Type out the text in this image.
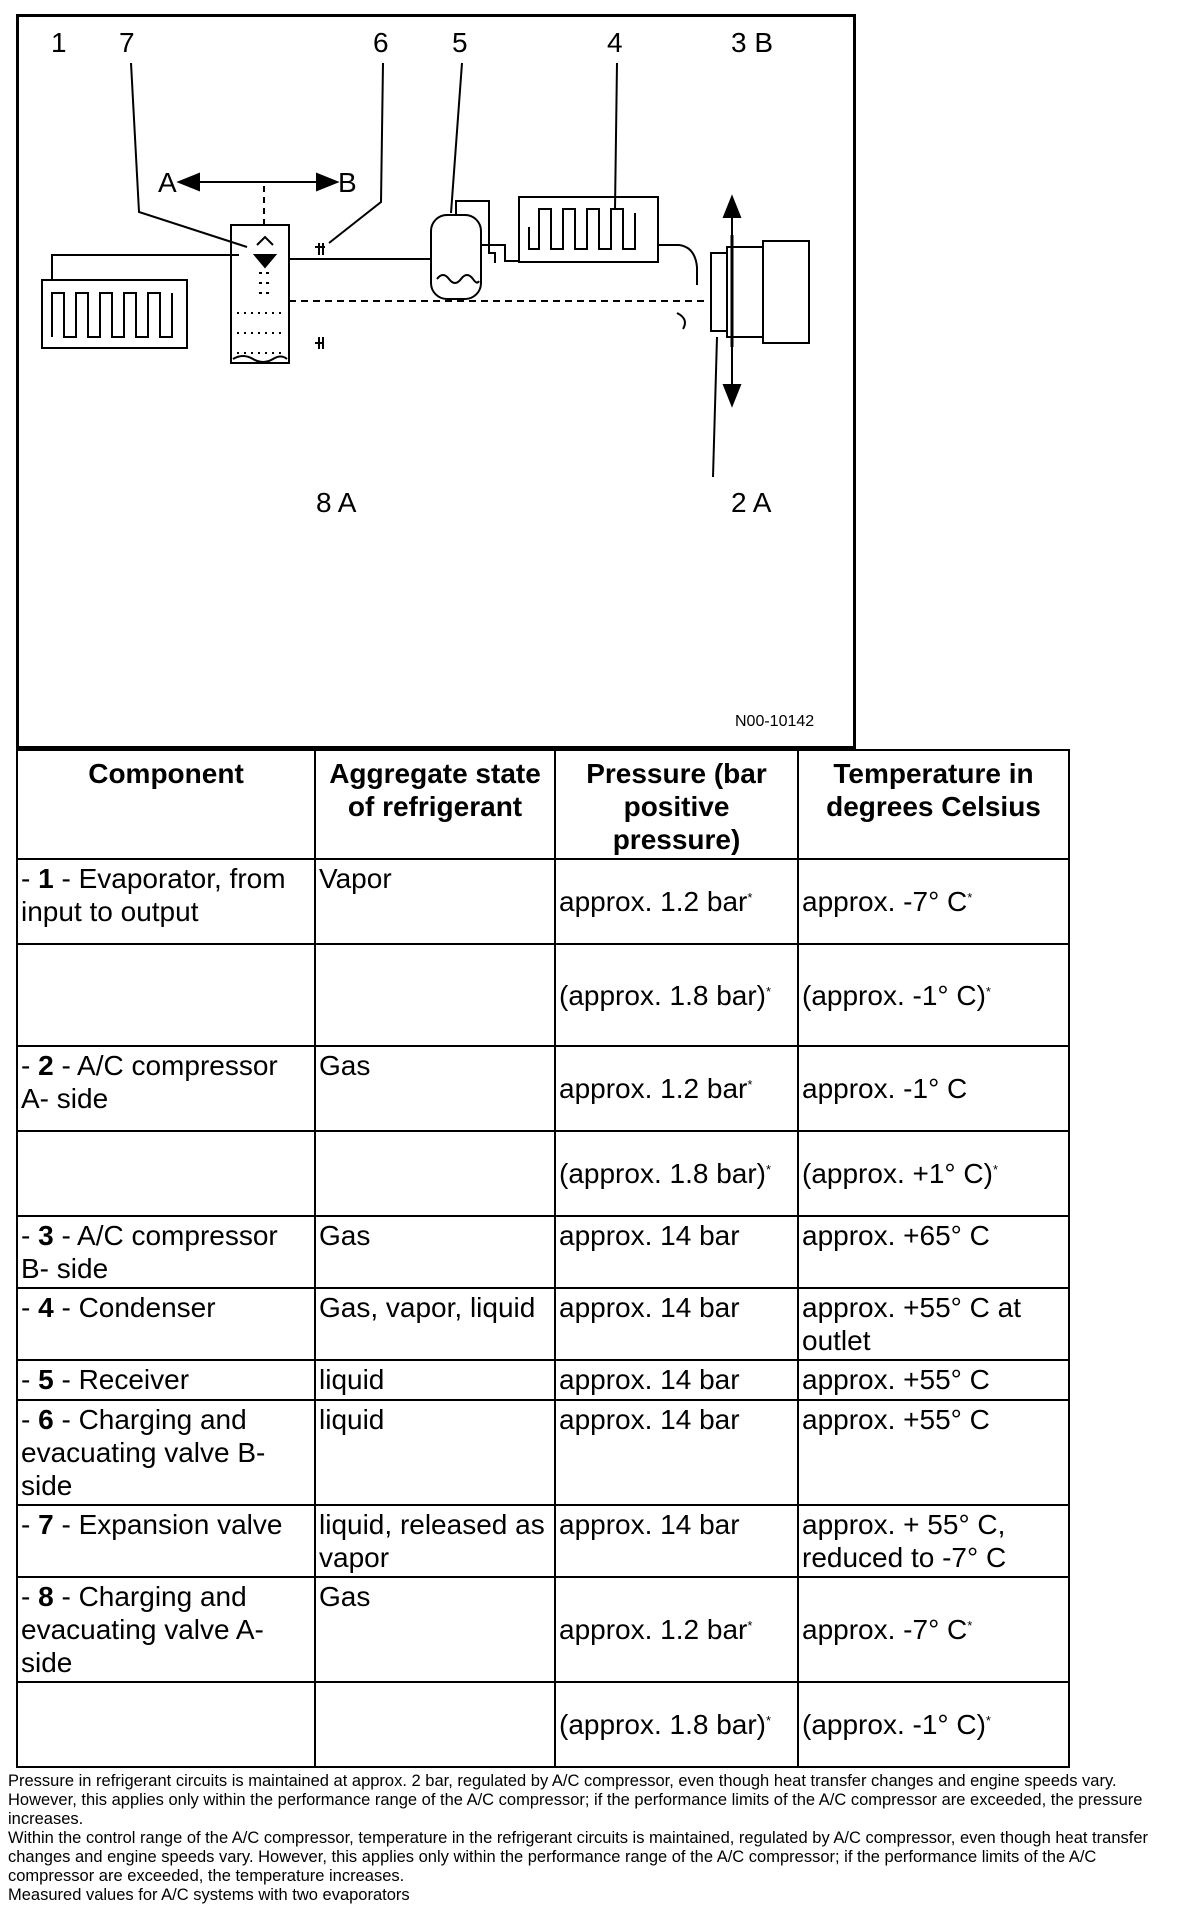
1 7	6 5	4	3 B
A	B
8 A	2 A
N00-10142
Component	Aggregate state of refrigerant	Pressure (bar positive pressure)	Temperature in degrees Celsius
- 1 - Evaporator, from input to output	Vapor	approx. 1.2 bar*	approx. -7° C*
		(approx. 1.8 bar)*	(approx. -1° C)*
- 2 - A/C compressor A- side	Gas	approx. 1.2 bar*	approx. -1° C
		(approx. 1.8 bar)*	(approx. +1° C)*
- 3 - A/C compressor B- side	Gas	approx. 14 bar	approx. +65° C
- 4 - Condenser	Gas, vapor, liquid	approx. 14 bar	approx. +55° C at outlet
- 5 - Receiver	liquid	approx. 14 bar	approx. +55° C
- 6 - Charging and evacuating valve B- side	liquid	approx. 14 bar	approx. +55° C
- 7 - Expansion valve	liquid, released as vapor	approx. 14 bar	approx. + 55° C, reduced to -7° C
- 8 - Charging and evacuating valve A- side	Gas	approx. 1.2 bar*	approx. -7° C*
		(approx. 1.8 bar)*	(approx. -1° C)*

Pressure in refrigerant circuits is maintained at approx. 2 bar, regulated by A/C compressor, even though heat transfer changes and engine speeds vary. However, this applies only within the performance range of the A/C compressor; if the performance limits of the A/C compressor are exceeded, the pressure increases.

Within the control range of the A/C compressor, temperature in the refrigerant circuits is maintained, regulated by A/C compressor, even though heat transfer changes and engine speeds vary. However, this applies only within the performance range of the A/C compressor; if the performance limits of the A/C compressor are exceeded, the temperature increases.

Measured values for A/C systems with two evaporators
